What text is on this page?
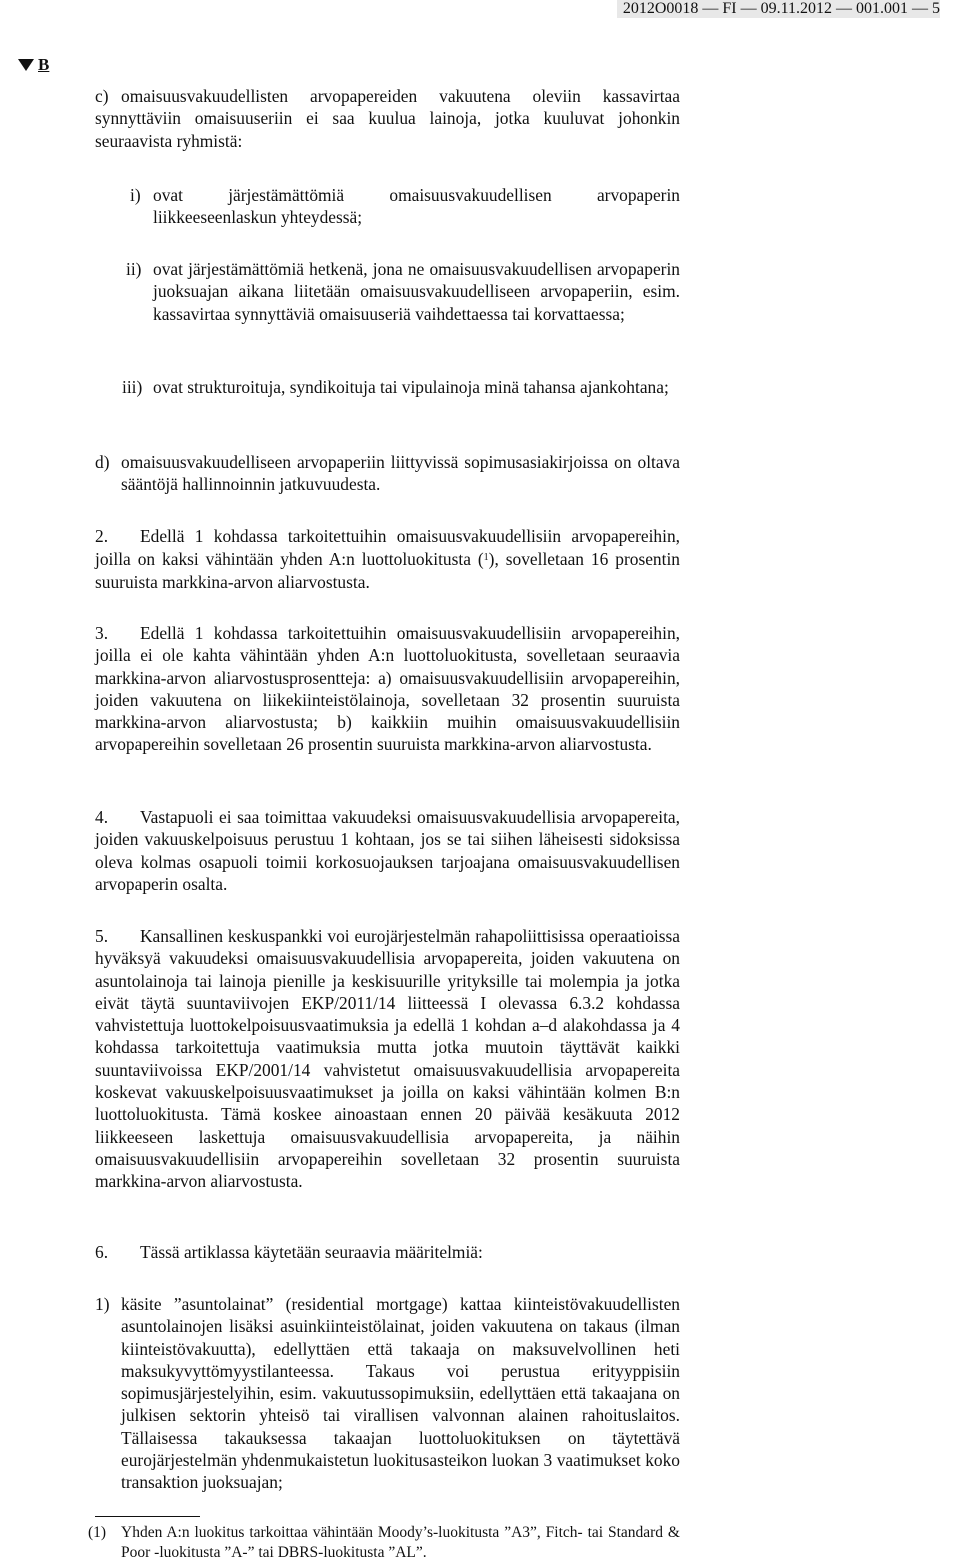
2012O0018 — FI — 09.11.2012 — 001.001 — 5
B
c) omaisuusvakuudellisten arvopapereiden vakuutena oleviin kassavirtaa synnyttäviin omaisuuseriin ei saa kuulua lainoja, jotka kuuluvat johonkin seuraavista ryhmistä:

i) ovat järjestämättömiä omaisuusvakuudellisen arvopaperin liikkeeseenlaskun yhteydessä;

ii) ovat järjestämättömiä hetkenä, jona ne omaisuusvakuudellisen arvopaperin juoksuajan aikana liitetään omaisuusvakuudelliseen arvopaperiin, esim. kassavirtaa synnyttäviä omaisuuseriä vaihdettaessa tai korvattaessa;

iii) ovat strukturoituja, syndikoituja tai vipulainoja minä tahansa ajankohtana;

d) omaisuusvakuudelliseen arvopaperiin liittyvissä sopimusasiakirjoissa on oltava sääntöjä hallinnoinnin jatkuvuudesta.

2. Edellä 1 kohdassa tarkoitettuihin omaisuusvakuudellisiin arvopapereihin, joilla on kaksi vähintään yhden A:n luottoluokitusta ($^1$), sovelletaan 16 prosentin suuruista markkina-arvon aliarvostusta.

3. Edellä 1 kohdassa tarkoitettuihin omaisuusvakuudellisiin arvopapereihin, joilla ei ole kahta vähintään yhden A:n luottoluokitusta, sovelletaan seuraavia markkina-arvon aliarvostusprosentteja: a) omaisuusvakuudellisiin arvopapereihin, joiden vakuutena on liikekiinteistölainoja, sovelletaan 32 prosentin suuruista markkina-arvon aliarvostusta; b) kaikkiin muihin omaisuusvakuudellisiin arvopapereihin sovelletaan 26 prosentin suuruista markkina-arvon aliarvostusta.

4. Vastapuoli ei saa toimittaa vakuudeksi omaisuusvakuudellisia arvopapereita, joiden vakuuskelpoisuus perustuu 1 kohtaan, jos se tai siihen läheisesti sidoksissa oleva kolmas osapuoli toimii korkosuojauksen tarjoajana omaisuusvakuudellisen arvopaperin osalta.

5. Kansallinen keskuspankki voi eurojärjestelmän rahapoliittisissa operaatioissa hyväksyä vakuudeksi omaisuusvakuudellisia arvopapereita, joiden vakuutena on asuntolainoja tai lainoja pienille ja keskisuurille yrityksille tai molempia ja jotka eivät täytä suuntaviivojen EKP/2011/14 liitteessä I olevassa 6.3.2 kohdassa vahvistettuja luottokelpoisuusvaatimuksia ja edellä 1 kohdan a–d alakohdassa ja 4 kohdassa tarkoitettuja vaatimuksia mutta jotka muutoin täyttävät kaikki suuntaviivoissa EKP/2001/14 vahvistetut omaisuusvakuudellisia arvopapereita koskevat vakuuskelpoisuusvaatimukset ja joilla on kaksi vähintään kolmen B:n luottoluokitusta. Tämä koskee ainoastaan ennen 20 päivää kesäkuuta 2012 liikkeeseen laskettuja omaisuusvakuudellisia arvopapereita, ja näihin omaisuusvakuudellisiin arvopapereihin sovelletaan 32 prosentin suuruista markkina-arvon aliarvostusta.

6. Tässä artiklassa käytetään seuraavia määritelmiä:

1) käsite ”asuntolainat” (residential mortgage) kattaa kiinteistövakuudellisten asuntolainojen lisäksi asuinkiinteistölainat, joiden vakuutena on takaus (ilman kiinteistövakuutta), edellyttäen että takaaja on maksuvelvollinen heti maksukyvyttömyystilanteessa. Takaus voi perustua erityyppisiin sopimusjärjestelyihin, esim. vakuutussopimuksiin, edellyttäen että takaajana on julkisen sektorin yhteisö tai virallisen valvonnan alainen rahoituslaitos. Tällaisessa takauksessa takaajan luottoluokituksen on täytettävä eurojärjestelmän yhdenmukaistetun luokitusasteikon luokan 3 vaatimukset koko transaktion juoksuajan;

(1) Yhden A:n luokitus tarkoittaa vähintään Moody’s-luokitusta ”A3”, Fitch- tai Standard & Poor -luokitusta ”A-” tai DBRS-luokitusta ”AL”.
